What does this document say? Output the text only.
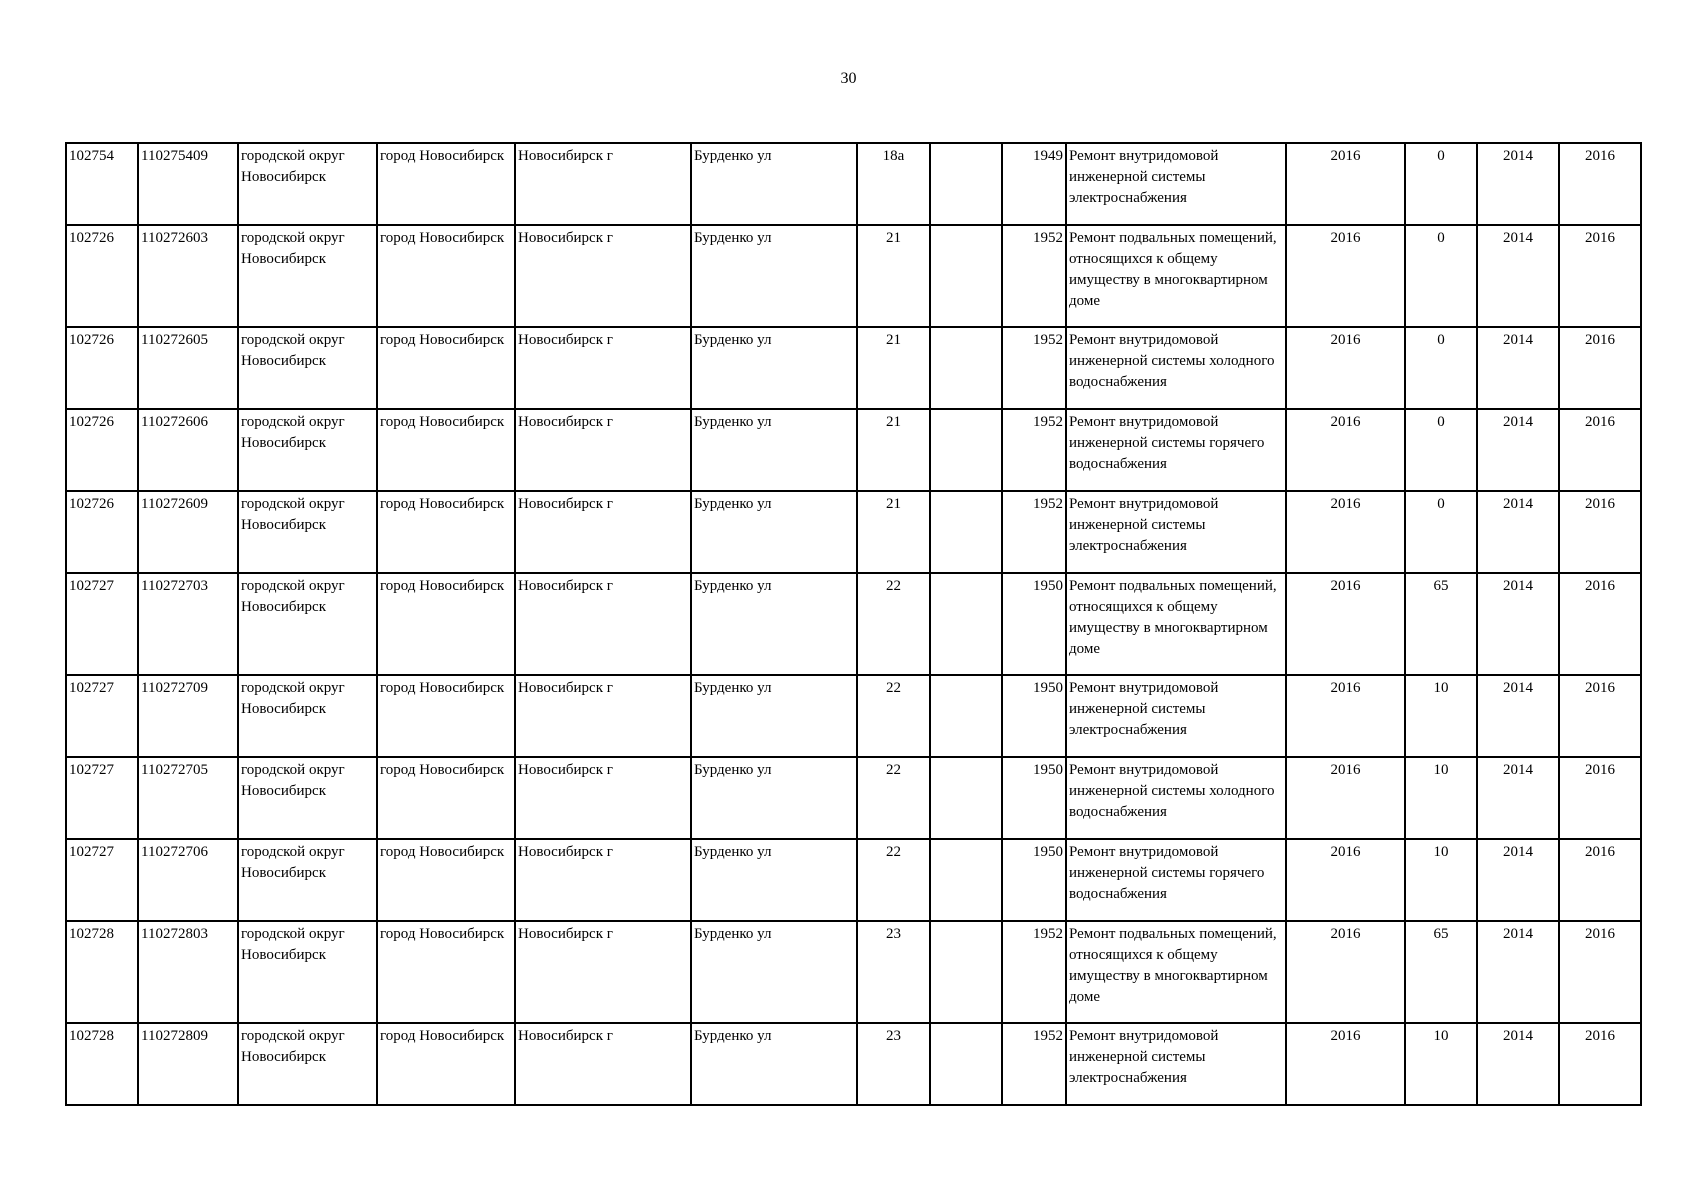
30
102754	110275409	городской округ Новосибирск	город Новосибирск	Новосибирск г	Бурденко ул	18а		1949	Ремонт внутридомовой инженерной системы электроснабжения	2016	0	2014	2016
102726	110272603	городской округ Новосибирск	город Новосибирск	Новосибирск г	Бурденко ул	21		1952	Ремонт подвальных помещений, относящихся к общему имуществу в многоквартирном доме	2016	0	2014	2016
102726	110272605	городской округ Новосибирск	город Новосибирск	Новосибирск г	Бурденко ул	21		1952	Ремонт внутридомовой инженерной системы холодного водоснабжения	2016	0	2014	2016
102726	110272606	городской округ Новосибирск	город Новосибирск	Новосибирск г	Бурденко ул	21		1952	Ремонт внутридомовой инженерной системы горячего водоснабжения	2016	0	2014	2016
102726	110272609	городской округ Новосибирск	город Новосибирск	Новосибирск г	Бурденко ул	21		1952	Ремонт внутридомовой инженерной системы электроснабжения	2016	0	2014	2016
102727	110272703	городской округ Новосибирск	город Новосибирск	Новосибирск г	Бурденко ул	22		1950	Ремонт подвальных помещений, относящихся к общему имуществу в многоквартирном доме	2016	65	2014	2016
102727	110272709	городской округ Новосибирск	город Новосибирск	Новосибирск г	Бурденко ул	22		1950	Ремонт внутридомовой инженерной системы электроснабжения	2016	10	2014	2016
102727	110272705	городской округ Новосибирск	город Новосибирск	Новосибирск г	Бурденко ул	22		1950	Ремонт внутридомовой инженерной системы холодного водоснабжения	2016	10	2014	2016
102727	110272706	городской округ Новосибирск	город Новосибирск	Новосибирск г	Бурденко ул	22		1950	Ремонт внутридомовой инженерной системы горячего водоснабжения	2016	10	2014	2016
102728	110272803	городской округ Новосибирск	город Новосибирск	Новосибирск г	Бурденко ул	23		1952	Ремонт подвальных помещений, относящихся к общему имуществу в многоквартирном доме	2016	65	2014	2016
102728	110272809	городской округ Новосибирск	город Новосибирск	Новосибирск г	Бурденко ул	23		1952	Ремонт внутридомовой инженерной системы электроснабжения	2016	10	2014	2016
